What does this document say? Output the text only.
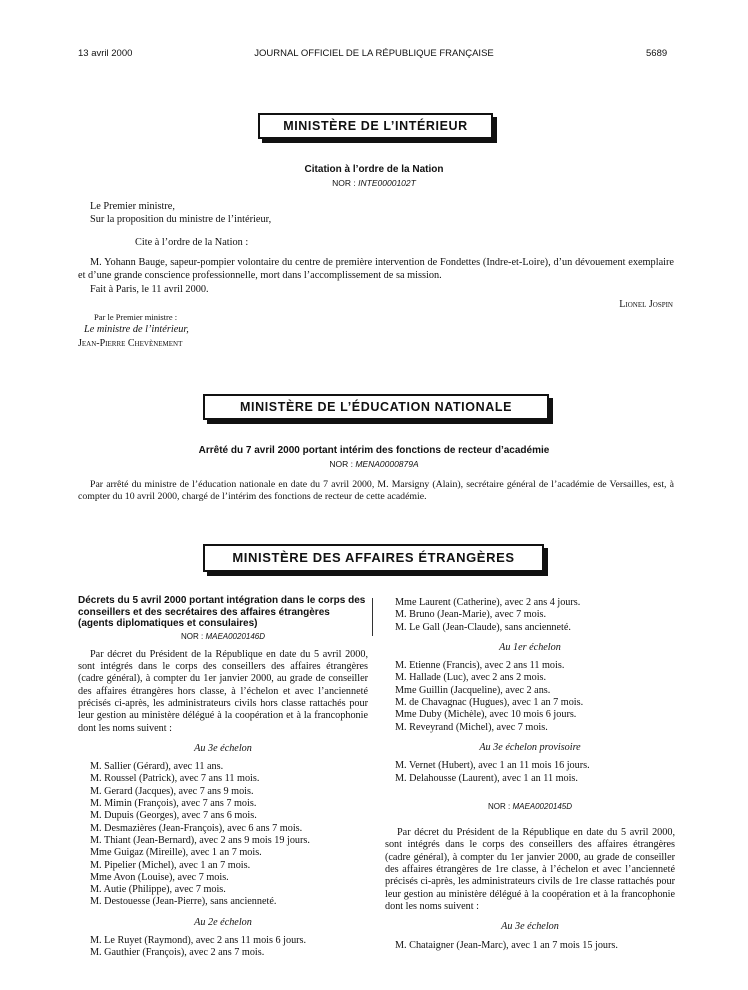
13 avril 2000	JOURNAL OFFICIEL DE LA RÉPUBLIQUE FRANÇAISE	5689
MINISTÈRE DE L’INTÉRIEUR
Citation à l’ordre de la Nation
NOR : INTE0000102T
Le Premier ministre,
Sur la proposition du ministre de l’intérieur,
Cite à l’ordre de la Nation :
M. Yohann Bauge, sapeur-pompier volontaire du centre de première intervention de Fondettes (Indre-et-Loire), d’un dévouement exemplaire et d’une grande conscience professionnelle, mort dans l’accomplissement de sa mission.
Fait à Paris, le 11 avril 2000.
Lionel Jospin
Par le Premier ministre :
Le ministre de l’intérieur,
Jean-Pierre Chevènement
MINISTÈRE DE L’ÉDUCATION NATIONALE
Arrêté du 7 avril 2000 portant intérim des fonctions de recteur d’académie
NOR : MENA0000879A
Par arrêté du ministre de l’éducation nationale en date du 7 avril 2000, M. Marsigny (Alain), secrétaire général de l’académie de Versailles, est, à compter du 10 avril 2000, chargé de l’intérim des fonctions de recteur de cette académie.
MINISTÈRE DES AFFAIRES ÉTRANGÈRES
Décrets du 5 avril 2000 portant intégration dans le corps des conseillers et des secrétaires des affaires étrangères (agents diplomatiques et consulaires)
NOR : MAEA0020146D
Par décret du Président de la République en date du 5 avril 2000, sont intégrés dans le corps des conseillers des affaires étrangères (cadre général), à compter du 1er janvier 2000, au grade de conseiller des affaires étrangères hors classe, à l’échelon et avec l’ancienneté précisés ci-après, les administrateurs civils hors classe rattachés pour leur gestion au ministère délégué à la coopération et à la francophonie dont les noms suivent :
Au 3e échelon
M. Sallier (Gérard), avec 11 ans.
M. Roussel (Patrick), avec 7 ans 11 mois.
M. Gerard (Jacques), avec 7 ans 9 mois.
M. Mimin (François), avec 7 ans 7 mois.
M. Dupuis (Georges), avec 7 ans 6 mois.
M. Desmazières (Jean-François), avec 6 ans 7 mois.
M. Thiant (Jean-Bernard), avec 2 ans 9 mois 19 jours.
Mme Guigaz (Mireille), avec 1 an 7 mois.
M. Pipelier (Michel), avec 1 an 7 mois.
Mme Avon (Louise), avec 7 mois.
M. Autie (Philippe), avec 7 mois.
M. Destouesse (Jean-Pierre), sans ancienneté.
Au 2e échelon
M. Le Ruyet (Raymond), avec 2 ans 11 mois 6 jours.
M. Gauthier (François), avec 2 ans 7 mois.
Mme Laurent (Catherine), avec 2 ans 4 jours.
M. Bruno (Jean-Marie), avec 7 mois.
M. Le Gall (Jean-Claude), sans ancienneté.
Au 1er échelon
M. Etienne (Francis), avec 2 ans 11 mois.
M. Hallade (Luc), avec 2 ans 2 mois.
Mme Guillin (Jacqueline), avec 2 ans.
M. de Chavagnac (Hugues), avec 1 an 7 mois.
Mme Duby (Michèle), avec 10 mois 6 jours.
M. Reveyrand (Michel), avec 7 mois.
Au 3e échelon provisoire
M. Vernet (Hubert), avec 1 an 11 mois 16 jours.
M. Delahousse (Laurent), avec 1 an 11 mois.
NOR : MAEA0020145D
Par décret du Président de la République en date du 5 avril 2000, sont intégrés dans le corps des conseillers des affaires étrangères (cadre général), à compter du 1er janvier 2000, au grade de conseiller des affaires étrangères de 1re classe, à l’échelon et avec l’ancienneté précisés ci-après, les administrateurs civils de 1re classe rattachés pour leur gestion au ministère délégué à la coopération et à la francophonie dont les noms suivent :
Au 3e échelon
M. Chataigner (Jean-Marc), avec 1 an 7 mois 15 jours.
